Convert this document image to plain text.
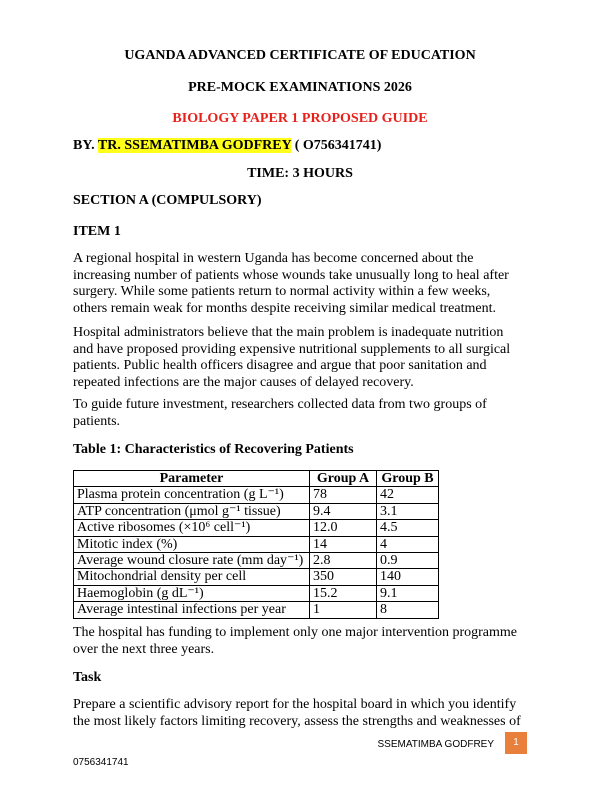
UGANDA ADVANCED CERTIFICATE OF EDUCATION
PRE-MOCK EXAMINATIONS 2026
BIOLOGY PAPER 1 PROPOSED GUIDE
BY. TR. SSEMATIMBA GODFREY ( O756341741)
TIME: 3 HOURS
SECTION A (COMPULSORY)
ITEM 1
A regional hospital in western Uganda has become concerned about the
increasing number of patients whose wounds take unusually long to heal after
surgery. While some patients return to normal activity within a few weeks,
others remain weak for months despite receiving similar medical treatment.
Hospital administrators believe that the main problem is inadequate nutrition
and have proposed providing expensive nutritional supplements to all surgical
patients. Public health officers disagree and argue that poor sanitation and
repeated infections are the major causes of delayed recovery.
To guide future investment, researchers collected data from two groups of
patients.
Table 1: Characteristics of Recovering Patients
Parameter	Group A	Group B
Plasma protein concentration (g L⁻¹)	78	42
ATP concentration (μmol g⁻¹ tissue)	9.4	3.1
Active ribosomes (×10⁶ cell⁻¹)	12.0	4.5
Mitotic index (%)	14	4
Average wound closure rate (mm day⁻¹)	2.8	0.9
Mitochondrial density per cell	350	140
Haemoglobin (g dL⁻¹)	15.2	9.1
Average intestinal infections per year	1	8
The hospital has funding to implement only one major intervention programme
over the next three years.
Task
Prepare a scientific advisory report for the hospital board in which you identify
the most likely factors limiting recovery, assess the strengths and weaknesses of
SSEMATIMBA GODFREY	1
0756341741
